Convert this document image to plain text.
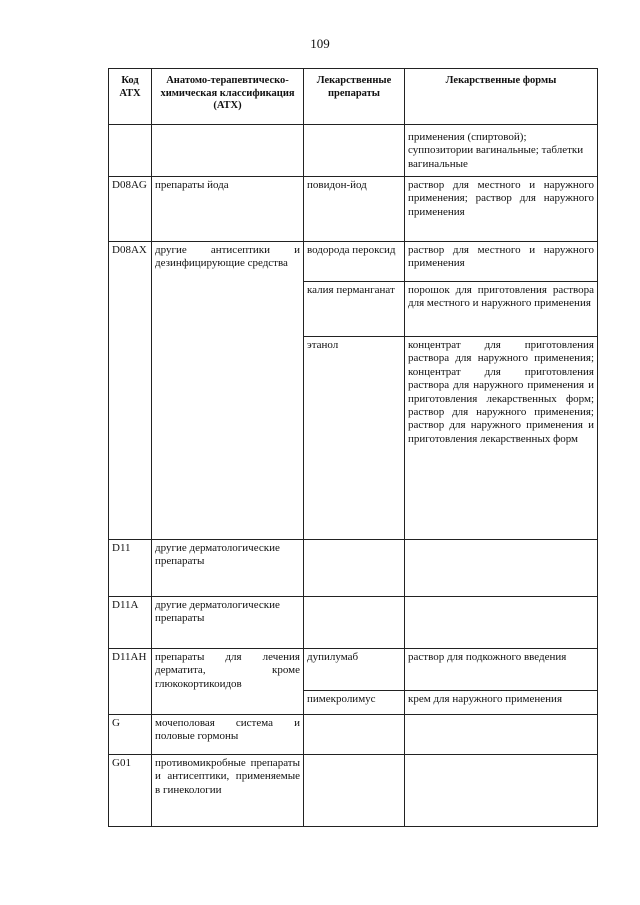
109
Код АТХ	Анатомо-терапевтическо-химическая классификация (АТХ)	Лекарственные препараты	Лекарственные формы
			применения (спиртовой); суппозитории вагинальные; таблетки вагинальные
D08AG	препараты йода	повидон-йод	раствор для местного и наружного применения; раствор для наружного применения
D08AX	другие антисептики и дезинфицирующие средства	водорода пероксид	раствор для местного и наружного применения
		калия перманганат	порошок для приготовления раствора для местного и наружного применения
		этанол	концентрат для приготовления раствора для наружного применения; концентрат для приготовления раствора для наружного применения и приготовления лекарственных форм; раствор для наружного применения; раствор для наружного применения и приготовления лекарственных форм
D11	другие дерматологические препараты		
D11A	другие дерматологические препараты		
D11AH	препараты для лечения дерматита, кроме глюкокортикоидов	дупилумаб	раствор для подкожного введения
		пимекролимус	крем для наружного применения
G	мочеполовая система и половые гормоны		
G01	противомикробные препараты и антисептики, применяемые в гинекологии		
